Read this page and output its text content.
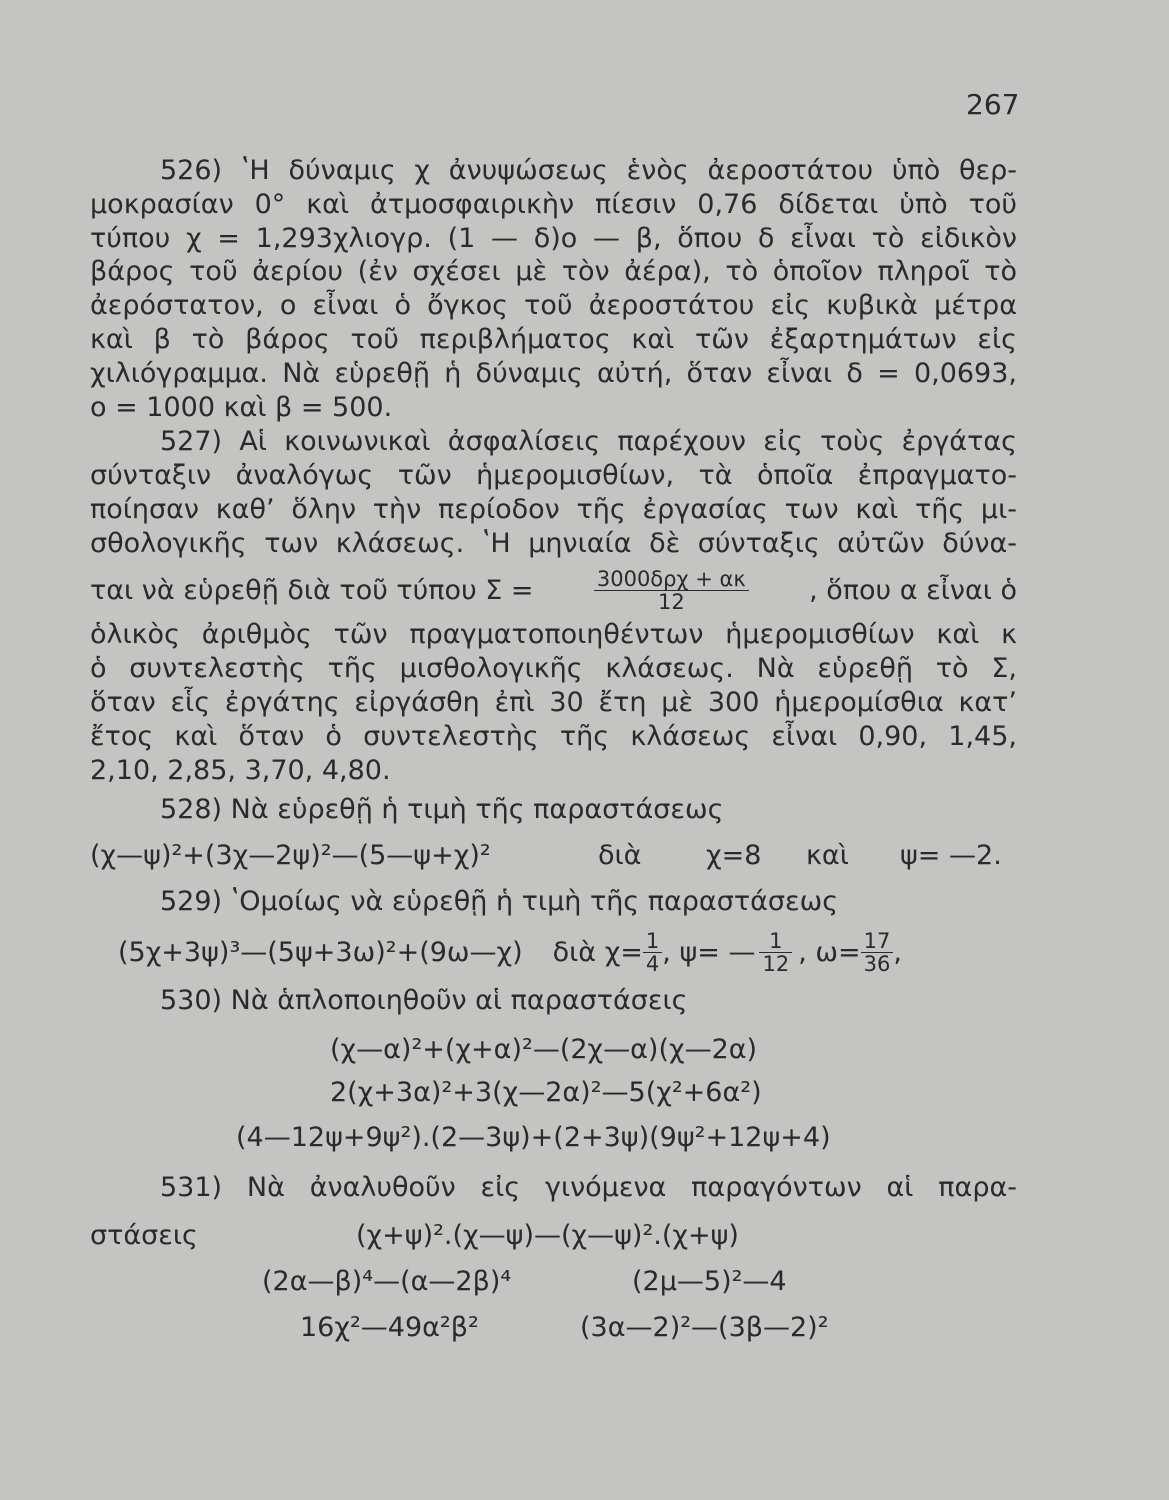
267
526) ʽΗ δύναμις χ ἀνυψώσεως ἑνὸς ἀεροστάτου ὑπὸ θερ-
μοκρασίαν 0° καὶ ἀτμοσφαιρικὴν πίεσιν 0,76 δίδεται ὑπὸ τοῦ
τύπου χ = 1,293χλιογρ. (1 — δ)ο — β, ὅπου δ εἶναι τὸ εἰδικὸν
βάρος τοῦ ἀερίου (ἐν σχέσει μὲ τὸν ἀέρα), τὸ ὁποῖον πληροῖ τὸ
ἀερόστατον, ο εἶναι ὁ ὄγκος τοῦ ἀεροστάτου εἰς κυβικὰ μέτρα
καὶ β τὸ βάρος τοῦ περιβλήματος καὶ τῶν ἐξαρτημάτων εἰς
χιλιόγραμμα. Νὰ εὑρεθῇ ἡ δύναμις αὐτή, ὅταν εἶναι δ = 0,0693,
ο = 1000 καὶ β = 500.
527) Αἱ κοινωνικαὶ ἀσφαλίσεις παρέχουν εἰς τοὺς ἐργάτας
σύνταξιν ἀναλόγως τῶν ἡμερομισθίων, τὰ ὁποῖα ἐπραγματο-
ποίησαν καθʼ ὅλην τὴν περίοδον τῆς ἐργασίας των καὶ τῆς μι-
σθολογικῆς των κλάσεως. ʽΗ μηνιαία δὲ σύνταξις αὐτῶν δύνα-
ται νὰ εὑρεθῇ διὰ τοῦ τύπου Σ =	$\frac{\text{3000δρχ + ακ}}{12}$ , ὅπου α εἶναι ὁ
ὁλικὸς ἀριθμὸς τῶν πραγματοποιηθέντων ἡμερομισθίων καὶ κ
ὁ συντελεστὴς τῆς μισθολογικῆς κλάσεως. Νὰ εὑρεθῇ τὸ Σ,
ὅταν εἷς ἐργάτης εἰργάσθη ἐπὶ 30 ἔτη μὲ 300 ἡμερομίσθια κατʼ
ἔτος καὶ ὅταν ὁ συντελεστὴς τῆς κλάσεως εἶναι 0,90, 1,45,
2,10, 2,85, 3,70, 4,80.
528) Νὰ εὑρεθῇ ἡ τιμὴ τῆς παραστάσεως
(χ—ψ)²+(3χ—2ψ)²—(5—ψ+χ)²	διὰ χ=8 καὶ ψ= —2.
529) ʽΟμοίως νὰ εὑρεθῇ ἡ τιμὴ τῆς παραστάσεως
(5χ+3ψ)³—(5ψ+3ω)²+(9ω—χ) διὰ $\chi= \frac{1}{4}$ , ψ= — $\frac{1}{12}$ , $\omega= \frac{17}{36}$ ,
530) Νὰ ἁπλοποιηθοῦν αἱ παραστάσεις
(χ—α)²+(χ+α)²—(2χ—α)(χ—2α)
2(χ+3α)²+3(χ—2α)²—5(χ²+6α²)
(4—12ψ+9ψ²).(2—3ψ)+(2+3ψ)(9ψ²+12ψ+4)
531) Νὰ ἀναλυθοῦν εἰς γινόμενα παραγόντων αἱ παρα-
στάσεις	(χ+ψ)².(χ—ψ)—(χ—ψ)².(χ+ψ)
(2α—β)⁴—(α—2β)⁴	(2μ—5)²—4
16χ²—49α²β²	(3α—2)²—(3β—2)²
